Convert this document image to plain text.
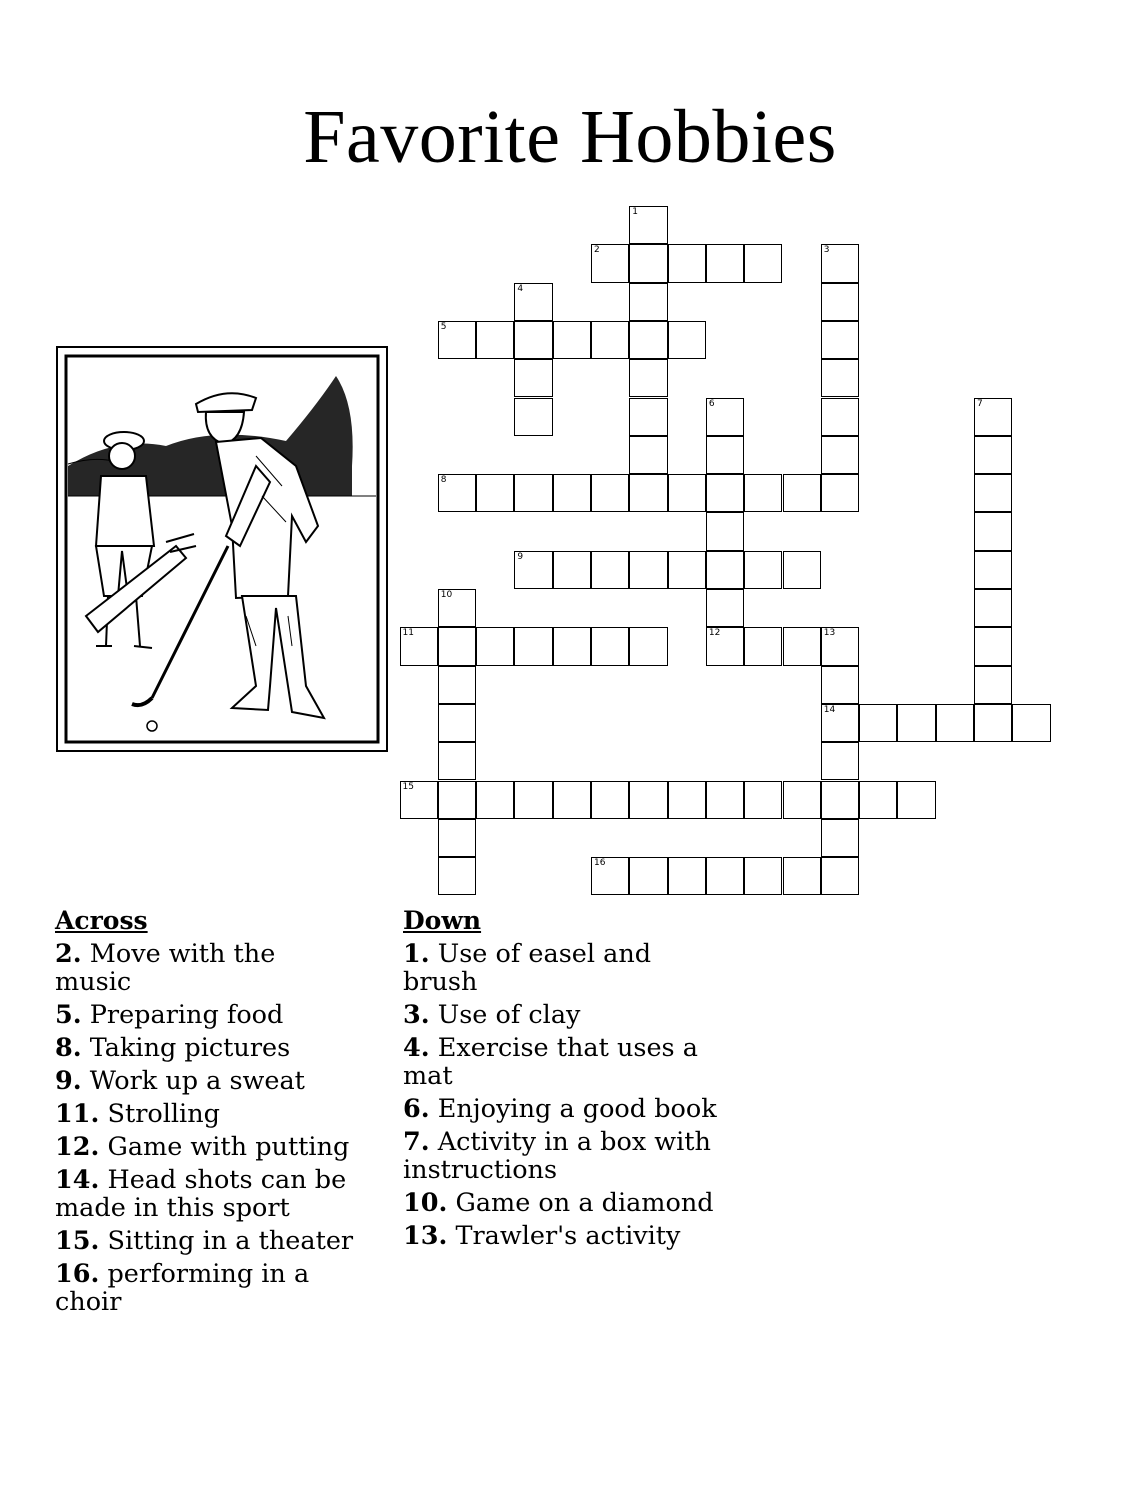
Favorite Hobbies
1
2	3
4
5
6	7
8
9
10
11	12	13
14
15
16
Across
2. Move with the music
5. Preparing food
8. Taking pictures
9. Work up a sweat
11. Strolling
12. Game with putting
14. Head shots can be made in this sport
15. Sitting in a theater
16. performing in a choir
Down
1. Use of easel and brush
3. Use of clay
4. Exercise that uses a mat
6. Enjoying a good book
7. Activity in a box with instructions
10. Game on a diamond
13. Trawler's activity
